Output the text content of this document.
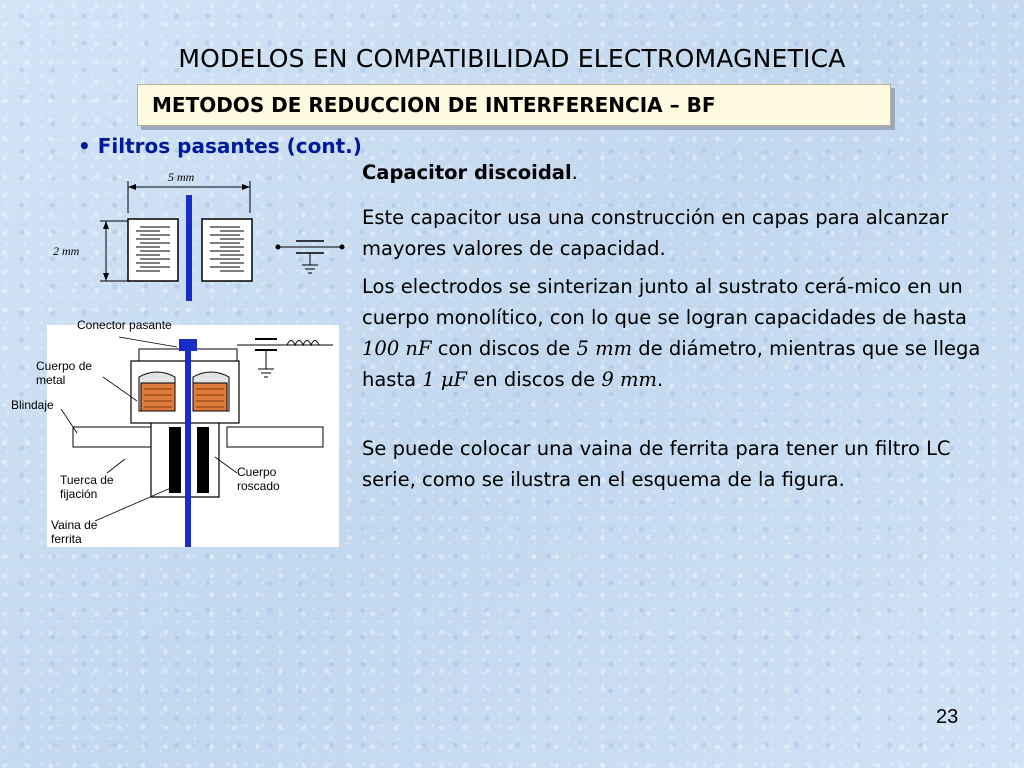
MODELOS EN COMPATIBILIDAD ELECTROMAGNETICA
METODOS DE REDUCCION DE INTERFERENCIA – BF
• Filtros pasantes (cont.)
Capacitor discoidal.
Este capacitor usa una construcción en capas para alcanzar mayores valores de capacidad.
Los electrodos se sinterizan junto al sustrato cerá-mico en un cuerpo monolítico, con lo que se logran capacidades de hasta 100 nF con discos de 5 mm de diámetro, mientras que se llega hasta 1 µF en discos de 9 mm.
Se puede colocar una vaina de ferrita para tener un filtro LC serie, como se ilustra en el esquema de la figura.
5 mm
2 mm
Conector pasante
Cuerpo de metal
Blindaje
Tuerca de fijación
Vaina de ferrita
Cuerpo roscado
23
